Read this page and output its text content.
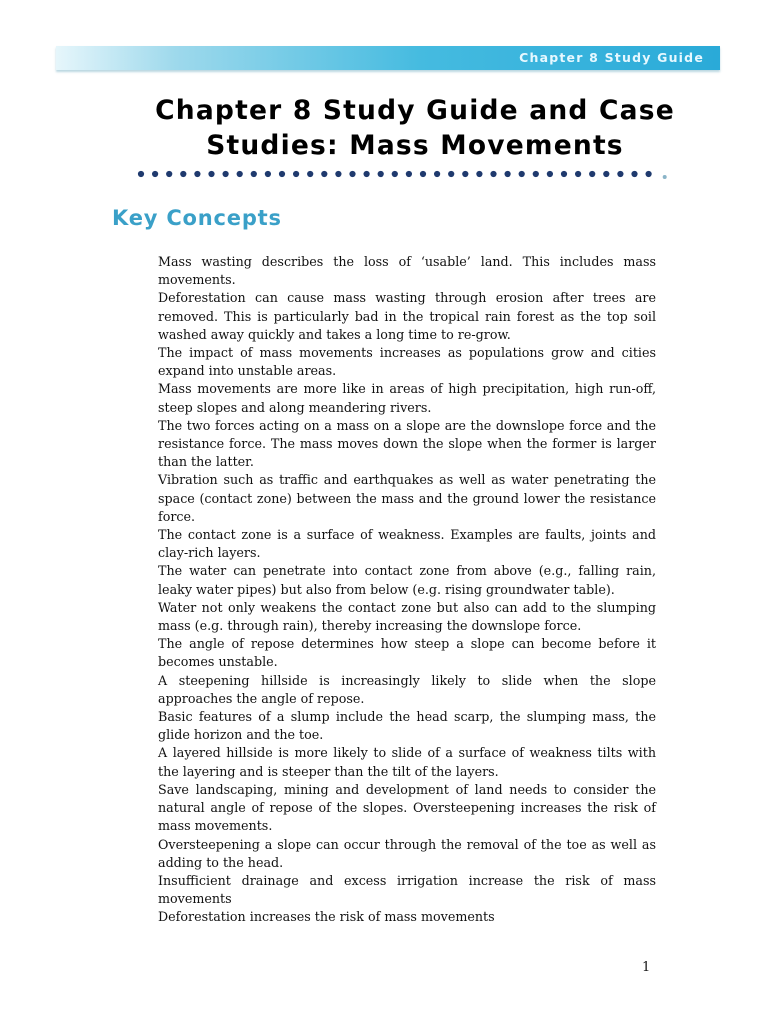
Chapter 8 Study Guide
Chapter 8 Study Guide and Case
Studies: Mass Movements
Key Concepts

Mass wasting describes the loss of ‘usable’ land. This includes mass movements.

Deforestation can cause mass wasting through erosion after trees are removed. This is particularly bad in the tropical rain forest as the top soil washed away quickly and takes a long time to re-grow.

The impact of mass movements increases as populations grow and cities expand into unstable areas.

Mass movements are more like in areas of high precipitation, high run-off, steep slopes and along meandering rivers.

The two forces acting on a mass on a slope are the downslope force and the resistance force. The mass moves down the slope when the former is larger than the latter.

Vibration such as traffic and earthquakes as well as water penetrating the space (contact zone) between the mass and the ground lower the resistance force.

The contact zone is a surface of weakness. Examples are faults, joints and clay-rich layers.

The water can penetrate into contact zone from above (e.g., falling rain, leaky water pipes) but also from below (e.g. rising groundwater table).

Water not only weakens the contact zone but also can add to the slumping mass (e.g. through rain), thereby increasing the downslope force.

The angle of repose determines how steep a slope can become before it becomes unstable.

A steepening hillside is increasingly likely to slide when the slope approaches the angle of repose.

Basic features of a slump include the head scarp, the slumping mass, the glide horizon and the toe.

A layered hillside is more likely to slide of a surface of weakness tilts with the layering and is steeper than the tilt of the layers.

Save landscaping, mining and development of land needs to consider the natural angle of repose of the slopes. Oversteepening increases the risk of mass movements.

Oversteepening a slope can occur through the removal of the toe as well as adding to the head.

Insufficient drainage and excess irrigation increase the risk of mass movements

Deforestation increases the risk of mass movements

1
